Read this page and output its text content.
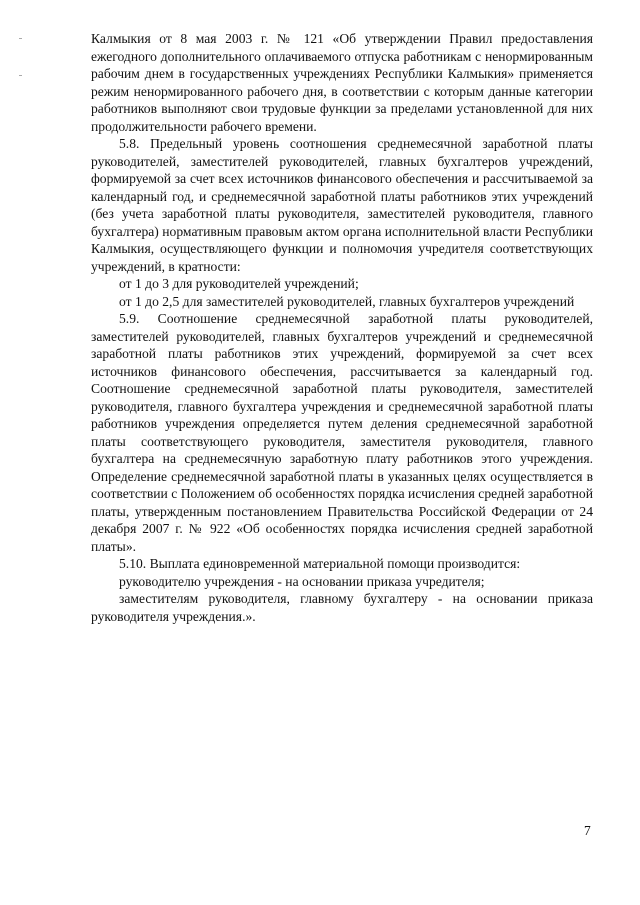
Калмыкия от 8 мая 2003 г. № 121 «Об утверждении Правил предоставления ежегодного дополнительного оплачиваемого отпуска работникам с ненормированным рабочим днем в государственных учреждениях Республики Калмыкия» применяется режим ненормированного рабочего дня, в соответствии с которым данные категории работников выполняют свои трудовые функции за пределами установленной для них продолжительности рабочего времени.

5.8. Предельный уровень соотношения среднемесячной заработной платы руководителей, заместителей руководителей, главных бухгалтеров учреждений, формируемой за счет всех источников финансового обеспечения и рассчитываемой за календарный год, и среднемесячной заработной платы работников этих учреждений (без учета заработной платы руководителя, заместителей руководителя, главного бухгалтера) нормативным правовым актом органа исполнительной власти Республики Калмыкия, осуществляющего функции и полномочия учредителя соответствующих учреждений, в кратности:

от 1 до 3 для руководителей учреждений;

от 1 до 2,5 для заместителей руководителей, главных бухгалтеров учреждений

5.9. Соотношение среднемесячной заработной платы руководителей, заместителей руководителей, главных бухгалтеров учреждений и среднемесячной заработной платы работников этих учреждений, формируемой за счет всех источников финансового обеспечения, рассчитывается за календарный год. Соотношение среднемесячной заработной платы руководителя, заместителей руководителя, главного бухгалтера учреждения и среднемесячной заработной платы работников учреждения определяется путем деления среднемесячной заработной платы соответствующего руководителя, заместителя руководителя, главного бухгалтера на среднемесячную заработную плату работников этого учреждения. Определение среднемесячной заработной платы в указанных целях осуществляется в соответствии с Положением об особенностях порядка исчисления средней заработной платы, утвержденным постановлением Правительства Российской Федерации от 24 декабря 2007 г. № 922 «Об особенностях порядка исчисления средней заработной платы».

5.10. Выплата единовременной материальной помощи производится:

руководителю учреждения - на основании приказа учредителя;

заместителям руководителя, главному бухгалтеру - на основании приказа руководителя учреждения.».

7
